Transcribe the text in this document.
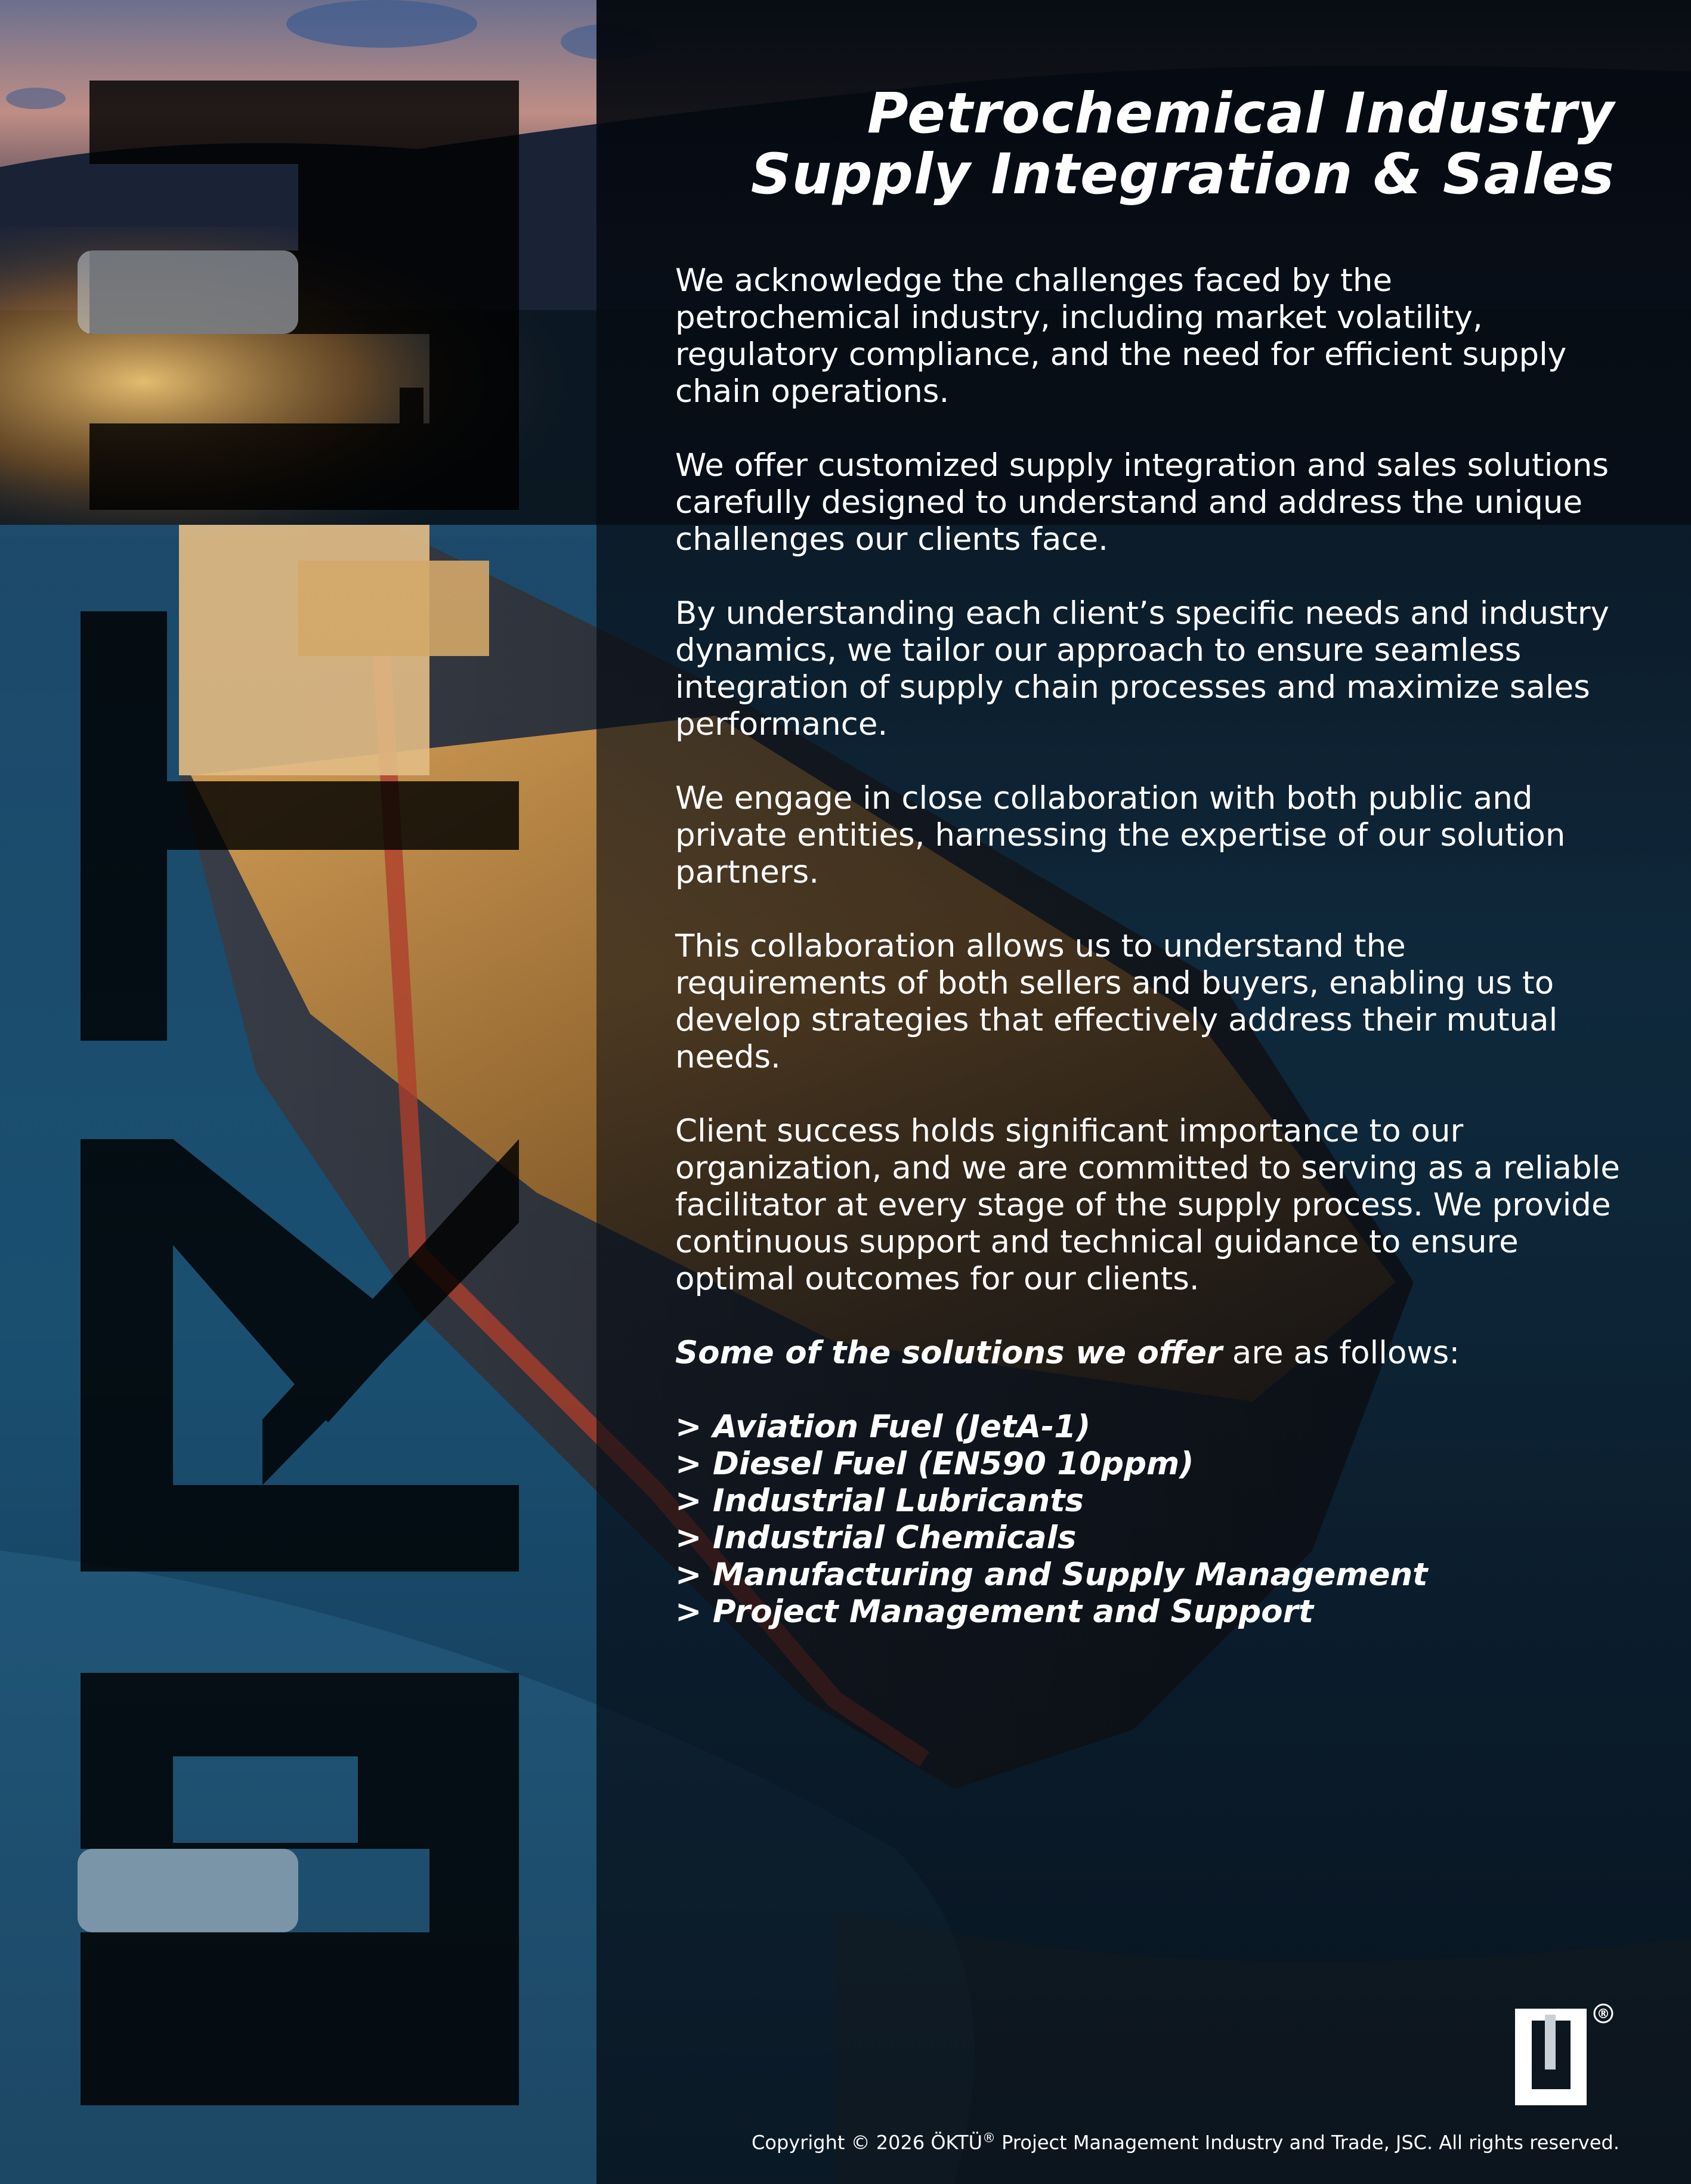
Petrochemical Industry
Supply Integration & Sales

We acknowledge the challenges faced by the petrochemical industry, including market volatility, regulatory compliance, and the need for efficient supply chain operations.

We offer customized supply integration and sales solutions carefully designed to understand and address the unique challenges our clients face.

By understanding each client’s specific needs and industry dynamics, we tailor our approach to ensure seamless integration of supply chain processes and maximize sales performance.

We engage in close collaboration with both public and private entities, harnessing the expertise of our solution partners.

This collaboration allows us to understand the requirements of both sellers and buyers, enabling us to develop strategies that effectively address their mutual needs.

Client success holds significant importance to our organization, and we are committed to serving as a reliable facilitator at every stage of the supply process. We provide continuous support and technical guidance to ensure optimal outcomes for our clients.

Some of the solutions we offer are as follows:

> Aviation Fuel (JetA-1)
> Diesel Fuel (EN590 10ppm)
> Industrial Lubricants
> Industrial Chemicals
> Manufacturing and Supply Management
> Project Management and Support
®
Copyright © 2026 ÖKTÜ® Project Management Industry and Trade, JSC. All rights reserved.
